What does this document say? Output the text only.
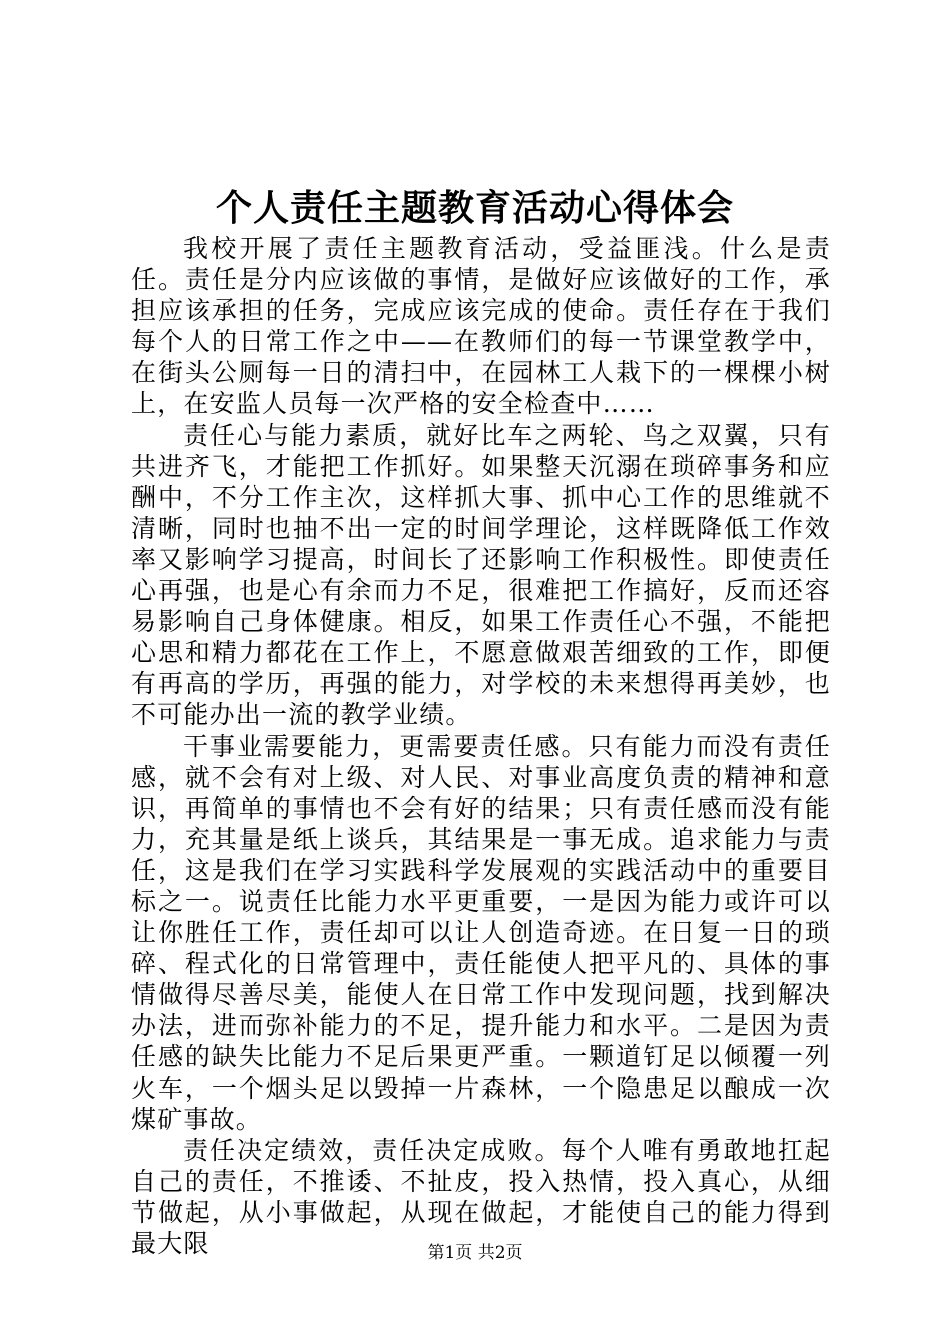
个人责任主题教育活动心得体会

我校开展了责任主题教育活动，受益匪浅。什么是责任。责任是分内应该做的事情，是做好应该做好的工作，承担应该承担的任务，完成应该完成的使命。责任存在于我们每个人的日常工作之中——在教师们的每一节课堂教学中，在街头公厕每一日的清扫中，在园林工人栽下的一棵棵小树上，在安监人员每一次严格的安全检查中……

责任心与能力素质，就好比车之两轮、鸟之双翼，只有共进齐飞，才能把工作抓好。如果整天沉溺在琐碎事务和应酬中，不分工作主次，这样抓大事、抓中心工作的思维就不清晰，同时也抽不出一定的时间学理论，这样既降低工作效率又影响学习提高，时间长了还影响工作积极性。即使责任心再强，也是心有余而力不足，很难把工作搞好，反而还容易影响自己身体健康。相反，如果工作责任心不强，不能把心思和精力都花在工作上，不愿意做艰苦细致的工作，即便有再高的学历，再强的能力，对学校的未来想得再美妙，也不可能办出一流的教学业绩。

干事业需要能力，更需要责任感。只有能力而没有责任感，就不会有对上级、对人民、对事业高度负责的精神和意识，再简单的事情也不会有好的结果；只有责任感而没有能力，充其量是纸上谈兵，其结果是一事无成。追求能力与责任，这是我们在学习实践科学发展观的实践活动中的重要目标之一。说责任比能力水平更重要，一是因为能力或许可以让你胜任工作，责任却可以让人创造奇迹。在日复一日的琐碎、程式化的日常管理中，责任能使人把平凡的、具体的事情做得尽善尽美，能使人在日常工作中发现问题，找到解决办法，进而弥补能力的不足，提升能力和水平。二是因为责任感的缺失比能力不足后果更严重。一颗道钉足以倾覆一列火车，一个烟头足以毁掉一片森林，一个隐患足以酿成一次煤矿事故。

责任决定绩效，责任决定成败。每个人唯有勇敢地扛起自己的责任，不推诿、不扯皮，投入热情，投入真心，从细节做起，从小事做起，从现在做起，才能使自己的能力得到最大限	第1页 共2页
